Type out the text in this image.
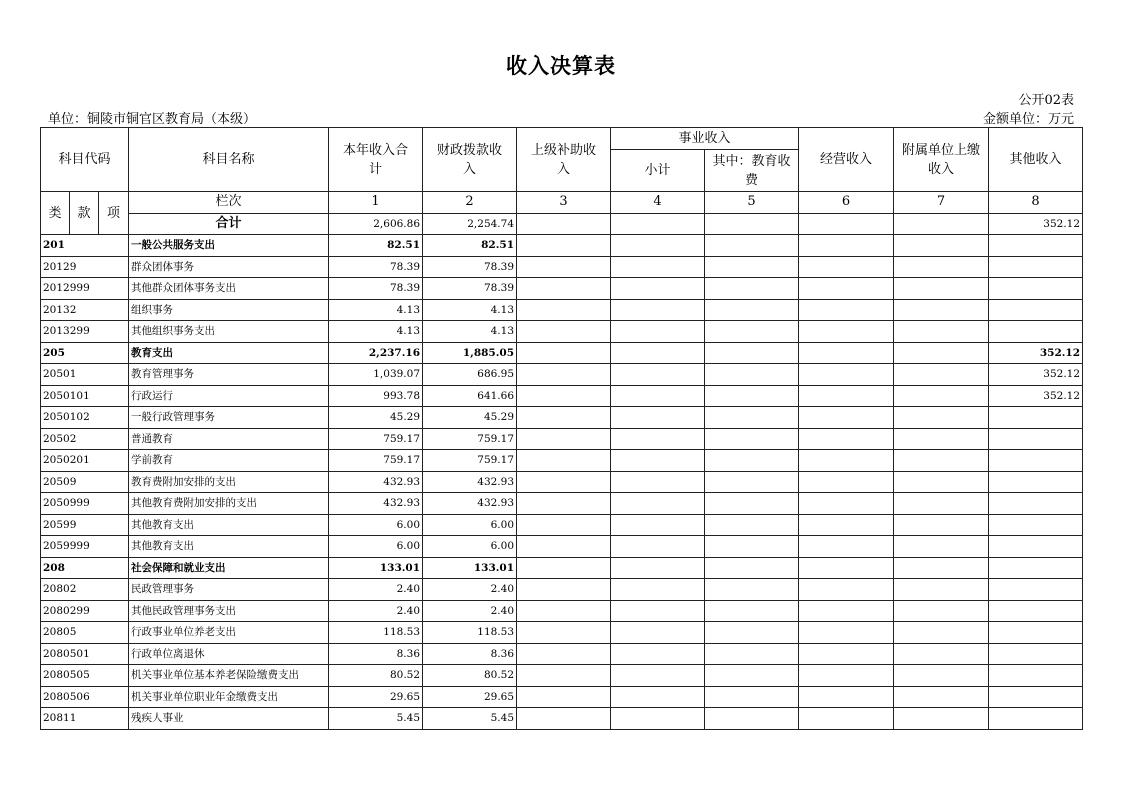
收入决算表
公开02表
单位：铜陵市铜官区教育局（本级）	金额单位：万元
科目代码			科目名称	本年收入合计	财政拨款收入	上级补助收入	事业收入		经营收入	附属单位上缴收入	其他收入
							小计	其中：教育收费			
类	款	项	栏次	1	2	3	4	5	6	7	8
			合计	2,606.86	2,254.74						352.12
201			一般公共服务支出	82.51	82.51						
20129			群众团体事务	78.39	78.39						
2012999			其他群众团体事务支出	78.39	78.39						
20132			组织事务	4.13	4.13						
2013299			其他组织事务支出	4.13	4.13						
205			教育支出	2,237.16	1,885.05						352.12
20501			教育管理事务	1,039.07	686.95						352.12
2050101			行政运行	993.78	641.66						352.12
2050102			一般行政管理事务	45.29	45.29						
20502			普通教育	759.17	759.17						
2050201			学前教育	759.17	759.17						
20509			教育费附加安排的支出	432.93	432.93						
2050999			其他教育费附加安排的支出	432.93	432.93						
20599			其他教育支出	6.00	6.00						
2059999			其他教育支出	6.00	6.00						
208			社会保障和就业支出	133.01	133.01						
20802			民政管理事务	2.40	2.40						
2080299			其他民政管理事务支出	2.40	2.40						
20805			行政事业单位养老支出	118.53	118.53						
2080501			行政单位离退休	8.36	8.36						
2080505			机关事业单位基本养老保险缴费支出	80.52	80.52						
2080506			机关事业单位职业年金缴费支出	29.65	29.65						
20811			残疾人事业	5.45	5.45						
